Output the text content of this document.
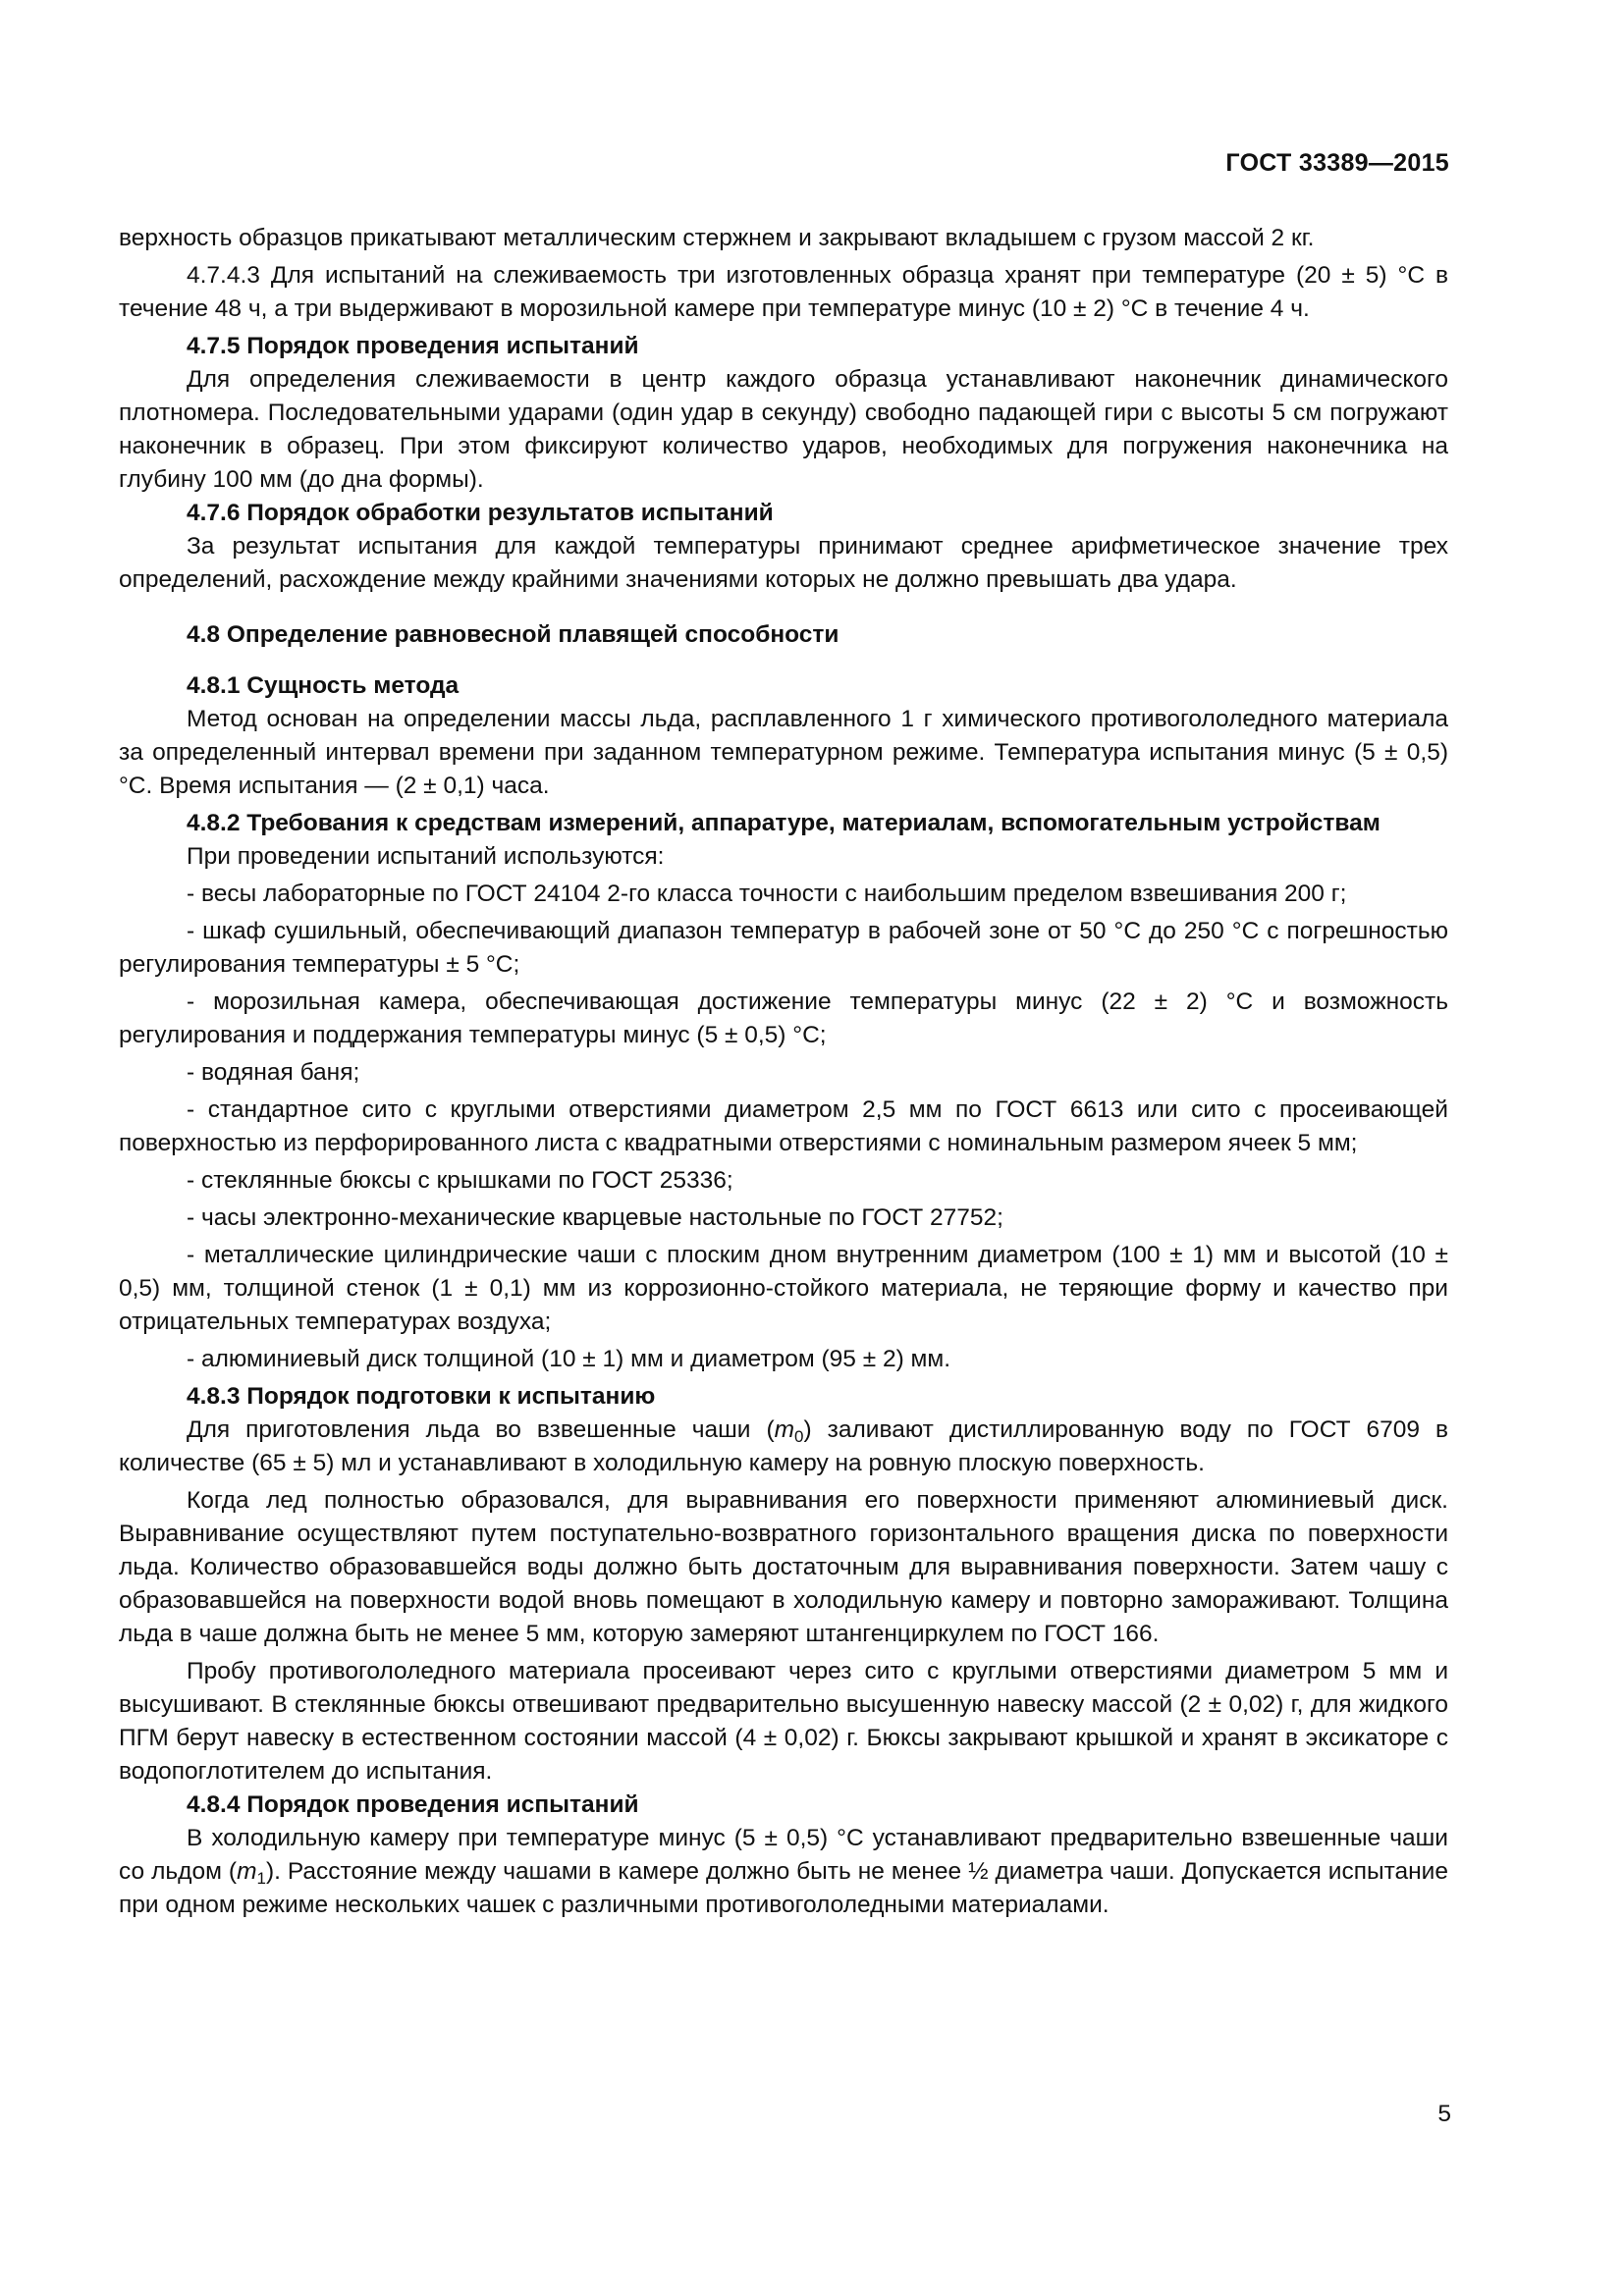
ГОСТ 33389—2015

верхность образцов прикатывают металлическим стержнем и закрывают вкладышем с грузом массой 2 кг.

4.7.4.3 Для испытаний на слеживаемость три изготовленных образца хранят при температуре (20 ± 5) °С в течение 48 ч, а три выдерживают в морозильной камере при температуре минус (10 ± 2) °С в течение 4 ч.

4.7.5 Порядок проведения испытаний

Для определения слеживаемости в центр каждого образца устанавливают наконечник динамического плотномера. Последовательными ударами (один удар в секунду) свободно падающей гири с высоты 5 см погружают наконечник в образец. При этом фиксируют количество ударов, необходимых для погружения наконечника на глубину 100 мм (до дна формы).

4.7.6 Порядок обработки результатов испытаний

За результат испытания для каждой температуры принимают среднее арифметическое значение трех определений, расхождение между крайними значениями которых не должно превышать два удара.

4.8 Определение равновесной плавящей способности

4.8.1 Сущность метода

Метод основан на определении массы льда, расплавленного 1 г химического противогололедного материала за определенный интервал времени при заданном температурном режиме. Температура испытания минус (5 ± 0,5) °С. Время испытания — (2 ± 0,1) часа.

4.8.2 Требования к средствам измерений, аппаратуре, материалам, вспомогательным устройствам

При проведении испытаний используются:

- весы лабораторные по ГОСТ 24104 2-го класса точности с наибольшим пределом взвешивания 200 г;

- шкаф сушильный, обеспечивающий диапазон температур в рабочей зоне от 50 °С до 250 °С с погрешностью регулирования температуры ± 5 °С;

- морозильная камера, обеспечивающая достижение температуры минус (22 ± 2) °С и возможность регулирования и поддержания температуры минус (5 ± 0,5) °С;

- водяная баня;

- стандартное сито с круглыми отверстиями диаметром 2,5 мм по ГОСТ 6613 или сито с просеивающей поверхностью из перфорированного листа с квадратными отверстиями с номинальным размером ячеек 5 мм;

- стеклянные бюксы с крышками по ГОСТ 25336;

- часы электронно-механические кварцевые настольные по ГОСТ 27752;

- металлические цилиндрические чаши с плоским дном внутренним диаметром (100 ± 1) мм и высотой (10 ± 0,5) мм, толщиной стенок (1 ± 0,1) мм из коррозионно-стойкого материала, не теряющие форму и качество при отрицательных температурах воздуха;

- алюминиевый диск толщиной (10 ± 1) мм и диаметром (95 ± 2) мм.

4.8.3 Порядок подготовки к испытанию

Для приготовления льда во взвешенные чаши $(m_0)$ заливают дистиллированную воду по ГОСТ 6709 в количестве (65 ± 5) мл и устанавливают в холодильную камеру на ровную плоскую поверхность.

Когда лед полностью образовался, для выравнивания его поверхности применяют алюминиевый диск. Выравнивание осуществляют путем поступательно-возвратного горизонтального вращения диска по поверхности льда. Количество образовавшейся воды должно быть достаточным для выравнивания поверхности. Затем чашу с образовавшейся на поверхности водой вновь помещают в холодильную камеру и повторно замораживают. Толщина льда в чаше должна быть не менее 5 мм, которую замеряют штангенциркулем по ГОСТ 166.

Пробу противогололедного материала просеивают через сито с круглыми отверстиями диаметром 5 мм и высушивают. В стеклянные бюксы отвешивают предварительно высушенную навеску массой (2 ± 0,02) г, для жидкого ПГМ берут навеску в естественном состоянии массой (4 ± 0,02) г. Бюксы закрывают крышкой и хранят в эксикаторе с водопоглотителем до испытания.

4.8.4 Порядок проведения испытаний

В холодильную камеру при температуре минус (5 ± 0,5) °С устанавливают предварительно взвешенные чаши со льдом $(m_1)$. Расстояние между чашами в камере должно быть не менее ½ диаметра чаши. Допускается испытание при одном режиме нескольких чашек с различными противогололедными материалами.

5
